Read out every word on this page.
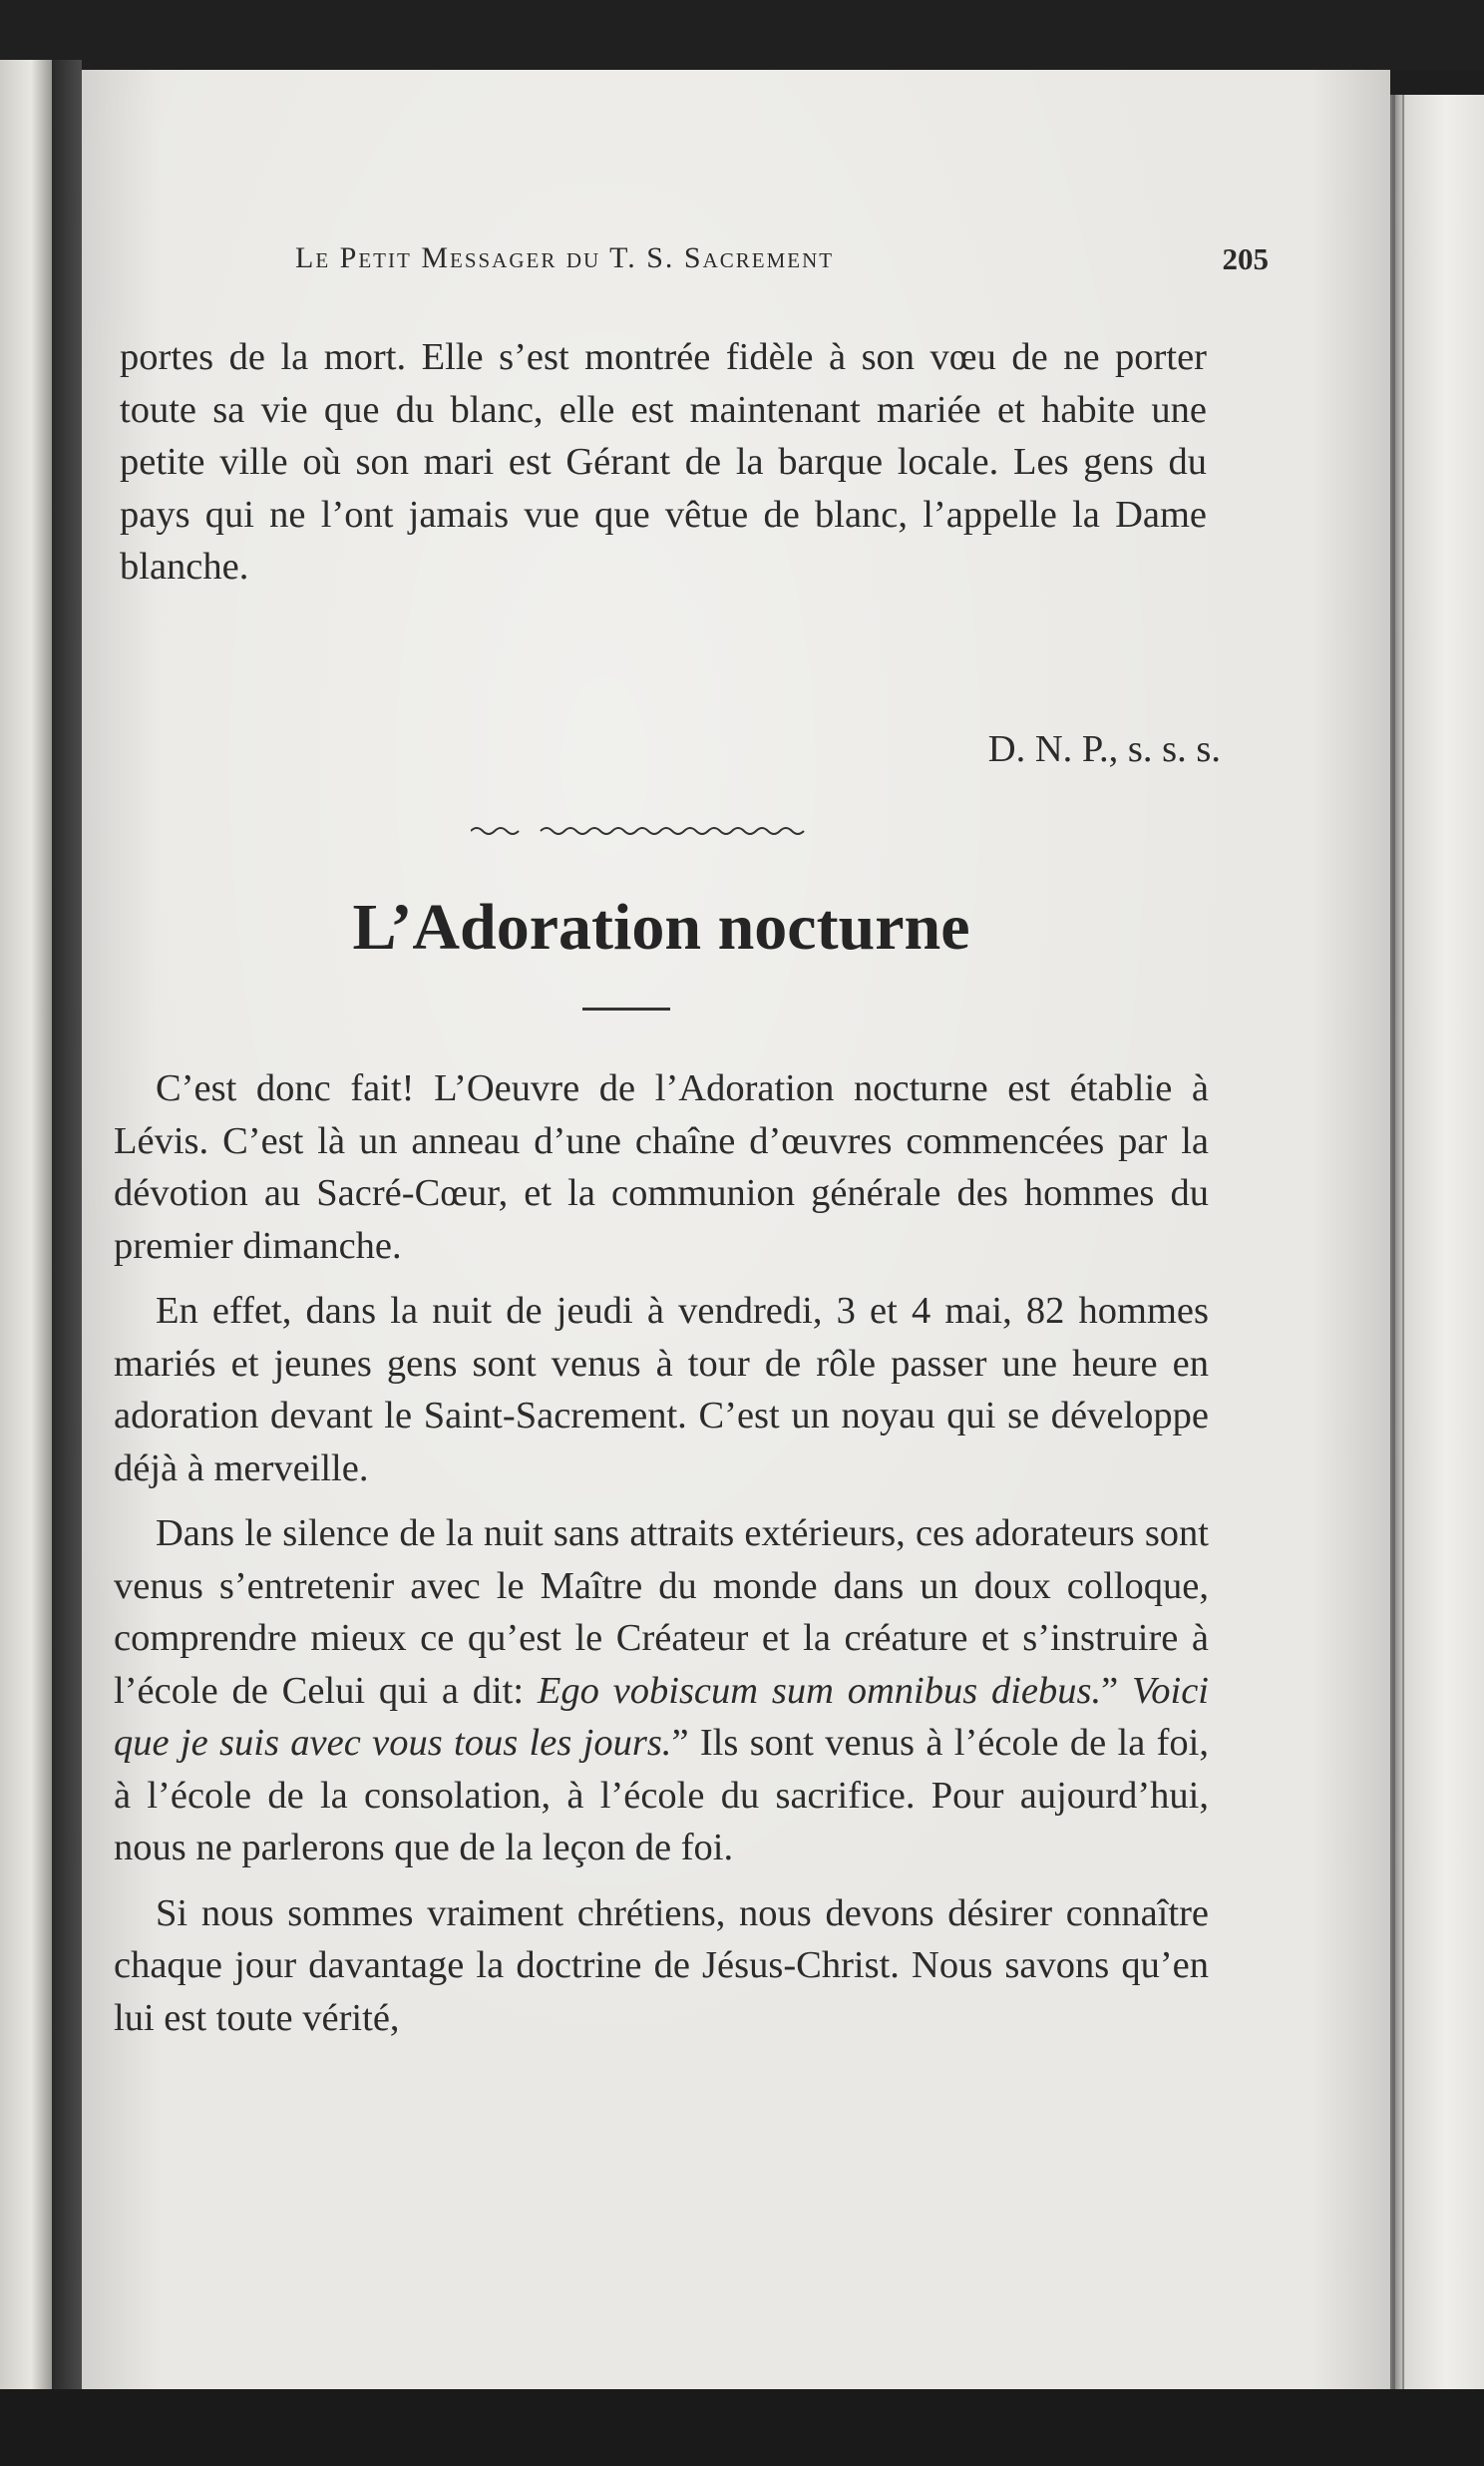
Le Petit Messager du T. S. Sacrement	205

portes de la mort. Elle s’est montrée fidèle à son vœu de ne porter toute sa vie que du blanc, elle est maintenant mariée et habite une petite ville où son mari est Gérant de la barque locale. Les gens du pays qui ne l’ont jamais vue que vêtue de blanc, l’appelle la Dame blanche.

D. N. P., s. s. s.

L’Adoration nocturne

C’est donc fait! L’Oeuvre de l’Adoration nocturne est établie à Lévis. C’est là un anneau d’une chaîne d’œuvres commencées par la dévotion au Sacré-Cœur, et la communion générale des hommes du premier dimanche.

En effet, dans la nuit de jeudi à vendredi, 3 et 4 mai, 82 hommes mariés et jeunes gens sont venus à tour de rôle passer une heure en adoration devant le Saint-Sacrement. C’est un noyau qui se développe déjà à merveille.

Dans le silence de la nuit sans attraits extérieurs, ces adorateurs sont venus s’entretenir avec le Maître du monde dans un doux colloque, comprendre mieux ce qu’est le Créateur et la créature et s’instruire à l’école de Celui qui a dit: Ego vobiscum sum omnibus diebus.” Voici que je suis avec vous tous les jours.” Ils sont venus à l’école de la foi, à l’école de la consolation, à l’école du sacrifice. Pour aujourd’hui, nous ne parlerons que de la leçon de foi.

Si nous sommes vraiment chrétiens, nous devons désirer connaître chaque jour davantage la doctrine de Jésus-Christ. Nous savons qu’en lui est toute vérité,
